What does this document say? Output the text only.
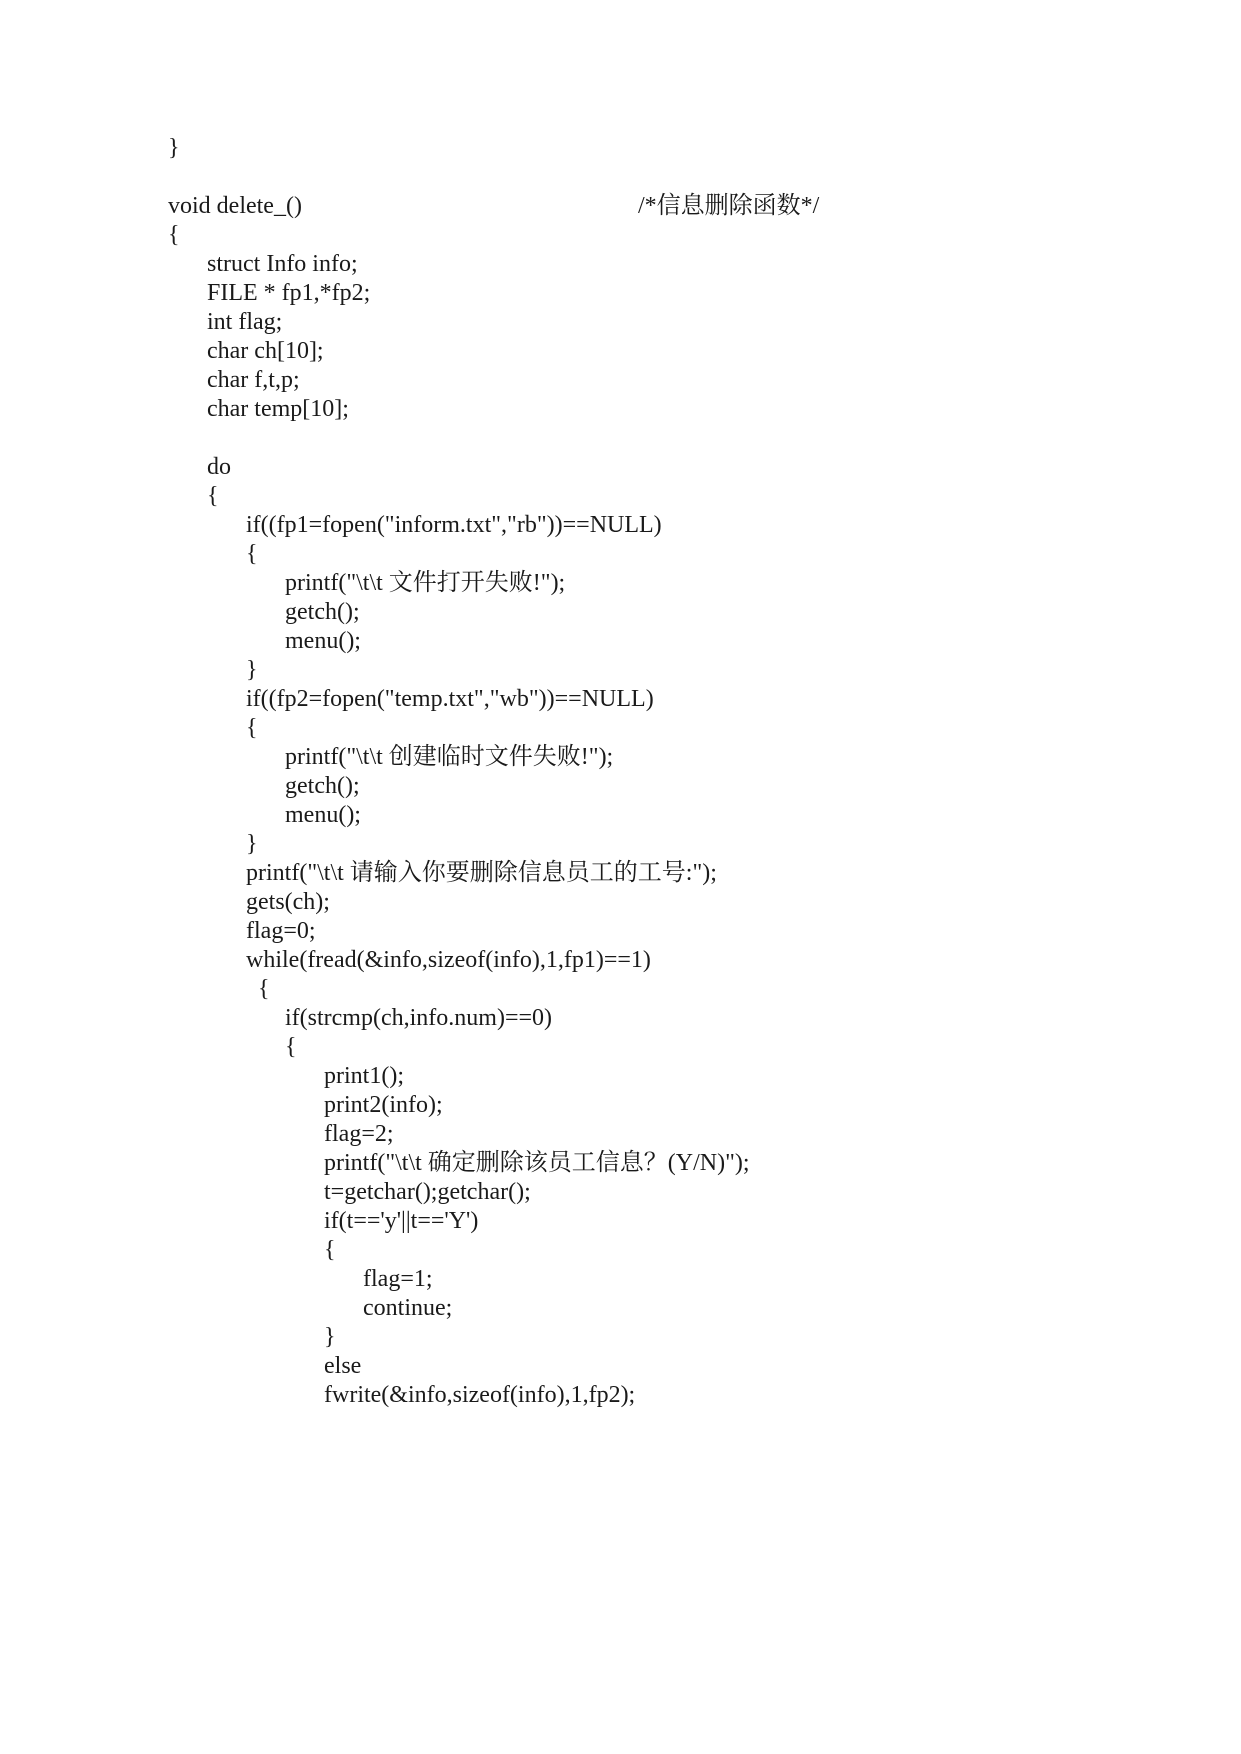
}
void delete_()	/*信息删除函数*/
{
struct Info info;
FILE * fp1,*fp2;
int flag;
char ch[10];
char f,t,p;
char temp[10];
do
{
if((fp1=fopen("inform.txt","rb"))==NULL)
{
printf("\t\t 文件打开失败!");
getch();
menu();
}
if((fp2=fopen("temp.txt","wb"))==NULL)
{
printf("\t\t 创建临时文件失败!");
getch();
menu();
}
printf("\t\t 请输入你要删除信息员工的工号:");
gets(ch);
flag=0;
while(fread(&info,sizeof(info),1,fp1)==1)
{
if(strcmp(ch,info.num)==0)
{
print1();
print2(info);
flag=2;
printf("\t\t 确定删除该员工信息？(Y/N)");
t=getchar();getchar();
if(t=='y'||t=='Y')
{
flag=1;
continue;
}
else
fwrite(&info,sizeof(info),1,fp2);
